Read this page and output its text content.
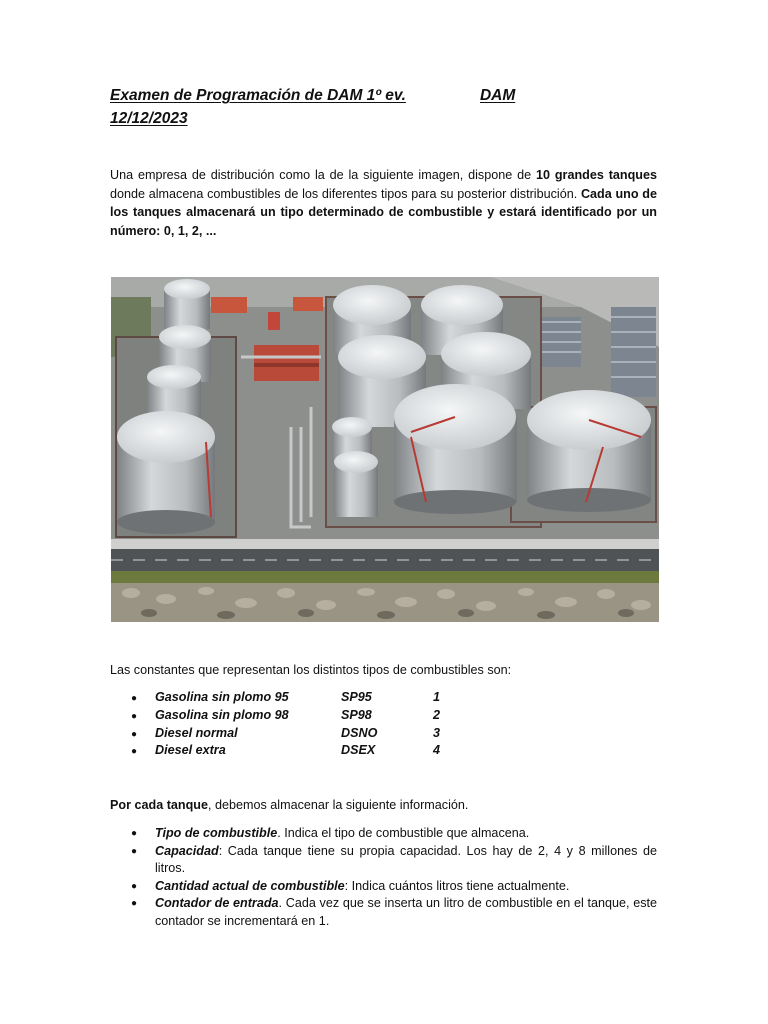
Examen de Programación de DAM 1º ev.	DAM
12/12/2023
Una empresa de distribución como la de la siguiente imagen, dispone de 10 grandes tanques donde almacena combustibles de los diferentes tipos para su posterior distribución. Cada uno de los tanques almacenará un tipo determinado de combustible y estará identificado por un número: 0, 1, 2, ...
Las constantes que representan los distintos tipos de combustibles son:
● Gasolina sin plomo 95	SP95	1
● Gasolina sin plomo 98	SP98	2
● Diesel normal	DSNO	3
● Diesel extra	DSEX	4
Por cada tanque, debemos almacenar la siguiente información.
● Tipo de combustible. Indica el tipo de combustible que almacena.
● Capacidad: Cada tanque tiene su propia capacidad. Los hay de 2, 4 y 8 millones de litros.
● Cantidad actual de combustible: Indica cuántos litros tiene actualmente.
● Contador de entrada. Cada vez que se inserta un litro de combustible en el tanque, este contador se incrementará en 1.
